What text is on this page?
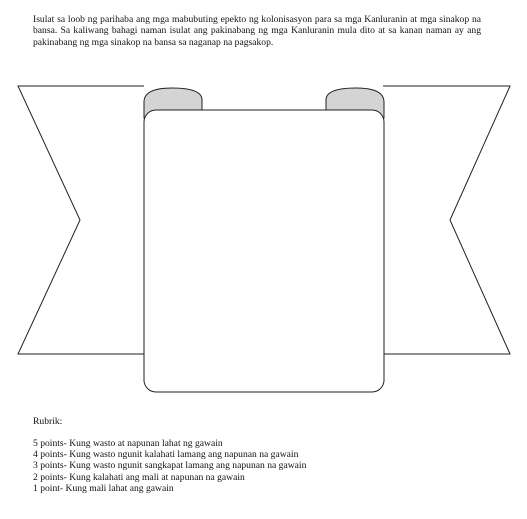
Isulat sa loob ng parihaba ang mga mabubuting epekto ng kolonisasyon para sa mga Kanluranin at mga sinakop na bansa. Sa kaliwang bahagi naman isulat ang pakinabang ng mga Kanluranin mula dito at sa kanan naman ay ang pakinabang ng mga sinakop na bansa sa naganap na pagsakop.

Rubrik:

5 points- Kung wasto at napunan lahat ng gawain
4 points- Kung wasto ngunit kalahati lamang ang napunan na gawain
3 points- Kung wasto ngunit sangkapat lamang ang napunan na gawain
2 points- Kung kalahati ang mali at napunan na gawain
1 point- Kung mali lahat ang gawain
